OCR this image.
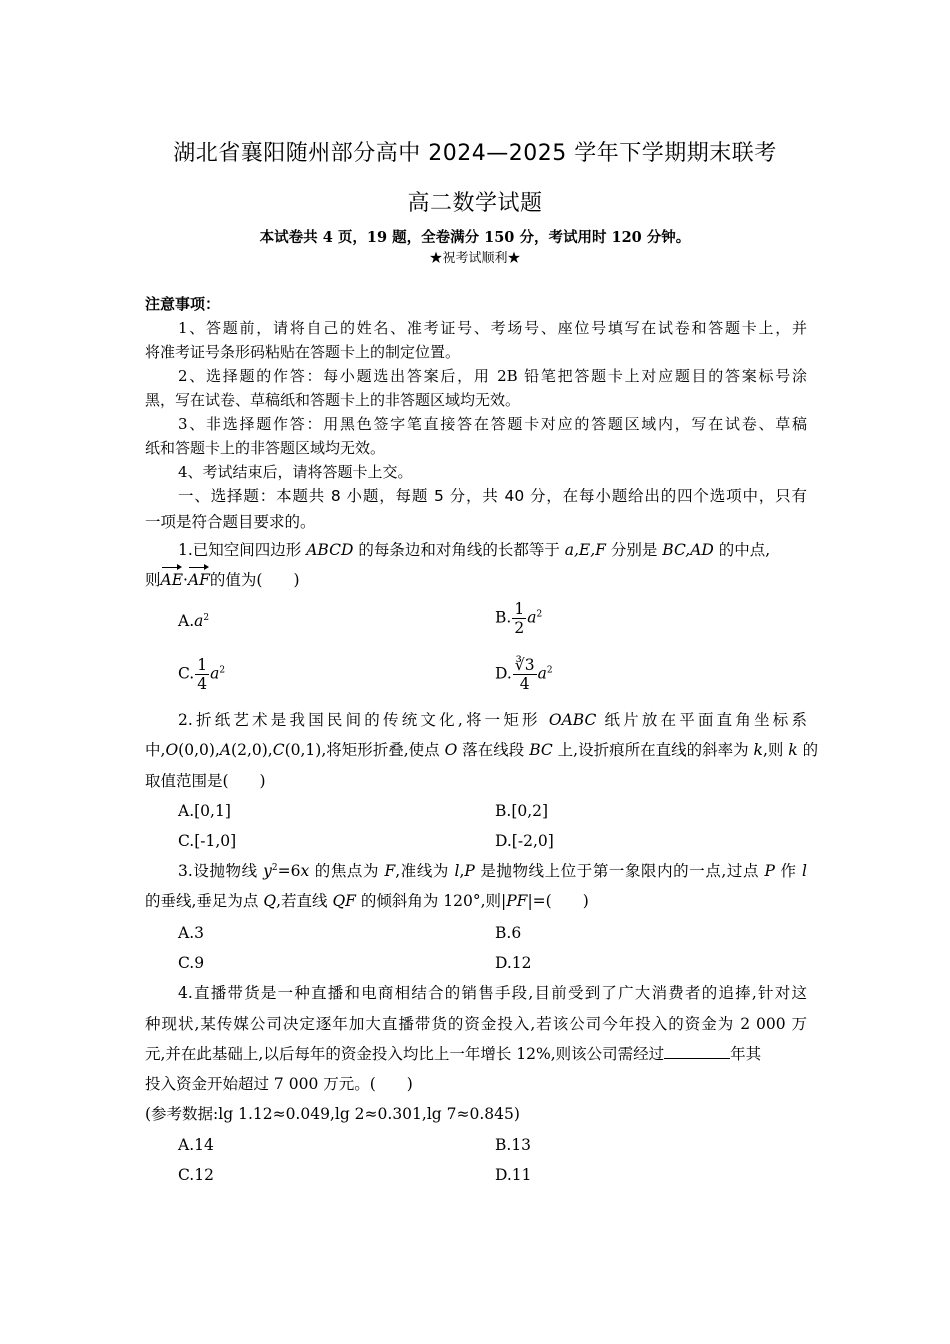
湖北省襄阳随州部分高中 2024—2025 学年下学期期末联考
高二数学试题
本试卷共 4 页，19 题，全卷满分 150 分，考试用时 120 分钟。
★祝考试顺利★
注意事项：
1、答题前，请将自己的姓名、准考证号、考场号、座位号填写在试卷和答题卡上，并
将准考证号条形码粘贴在答题卡上的制定位置。
2、选择题的作答：每小题选出答案后，用 2B 铅笔把答题卡上对应题目的答案标号涂
黑，写在试卷、草稿纸和答题卡上的非答题区域均无效。
3、非选择题作答：用黑色签字笔直接答在答题卡对应的答题区域内，写在试卷、草稿
纸和答题卡上的非答题区域均无效。
4、考试结束后，请将答题卡上交。
一、选择题：本题共 8 小题，每题 5 分，共 40 分，在每小题给出的四个选项中，只有
一项是符合题目要求的。
1.已知空间四边形 ABCD 的每条边和对角线的长都等于 a,E,F 分别是 BC,AD 的中点,
则AE·AF的值为(　　)
$A.a^2$	B. $\frac{1}{2} a^2$
C. $\frac{1}{4} a^2$	D. $\frac{∛3}{4} a^2$
2.折纸艺术是我国民间的传统文化,将一矩形 OABC 纸片放在平面直角坐标系
中,O(0,0),A(2,0),C(0,1),将矩形折叠,使点 O 落在线段 BC 上,设折痕所在直线的斜率为 k,则 k 的
取值范围是(　　)
A.[0,1]	B.[0,2]
C.[-1,0]	D.[-2,0]
3.设抛物线 $y^2=6x$ 的焦点为 F,准线为 l,P 是抛物线上位于第一象限内的一点,过点 P 作 l
的垂线,垂足为点 Q,若直线 QF 的倾斜角为 120°,则|PF|=(　　)
A.3	B.6
C.9	D.12
4.直播带货是一种直播和电商相结合的销售手段,目前受到了广大消费者的追捧,针对这
种现状,某传媒公司决定逐年加大直播带货的资金投入,若该公司今年投入的资金为 2 000 万
元,并在此基础上,以后每年的资金投入均比上一年增长 12%,则该公司需经过	年其
投入资金开始超过 7 000 万元。(　　)
(参考数据:lg 1.12≈0.049,lg 2≈0.301,lg 7≈0.845)
A.14	B.13
C.12	D.11
